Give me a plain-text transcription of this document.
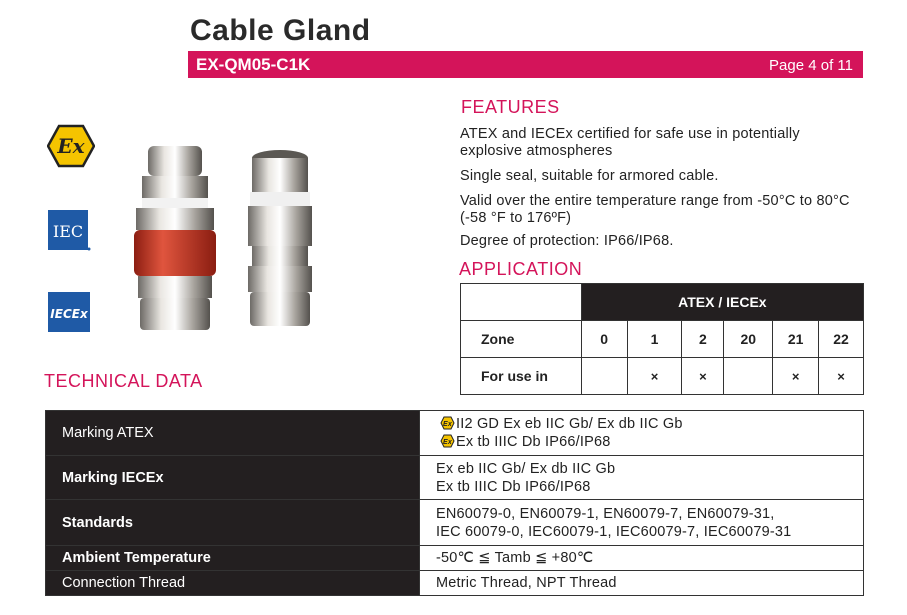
Cable Gland
EX-QM05-C1K	Page 4 of 11
Ex
IEC
IECEx
FEATURES
ATEX and IECEx certified for safe use in potentially explosive atmospheres
Single seal, suitable for armored cable.
Valid over the entire temperature range from -50°C to 80°C (-58 °F to 176ºF)
Degree of protection: IP66/IP68.
APPLICATION
	ATEX / IECEx					
Zone	0	1	2	20	21	22
For use in		×	×		×	×
TECHNICAL DATA
Marking ATEX	Ex II2 GD Ex eb IIC Gb/ Ex db IIC Gb
Ex Ex tb IIIC Db IP66/IP68

Marking IECEx	Ex eb IIC Gb/ Ex db IIC Gb
Ex tb IIIC Db IP66/IP68

Standards	EN60079-0, EN60079-1, EN60079-7, EN60079-31,
IEC 60079-0, IEC60079-1, IEC60079-7, IEC60079-31

Ambient Temperature	-50℃ ≦ Tamb ≦ +80℃
Connection Thread	Metric Thread, NPT Thread
